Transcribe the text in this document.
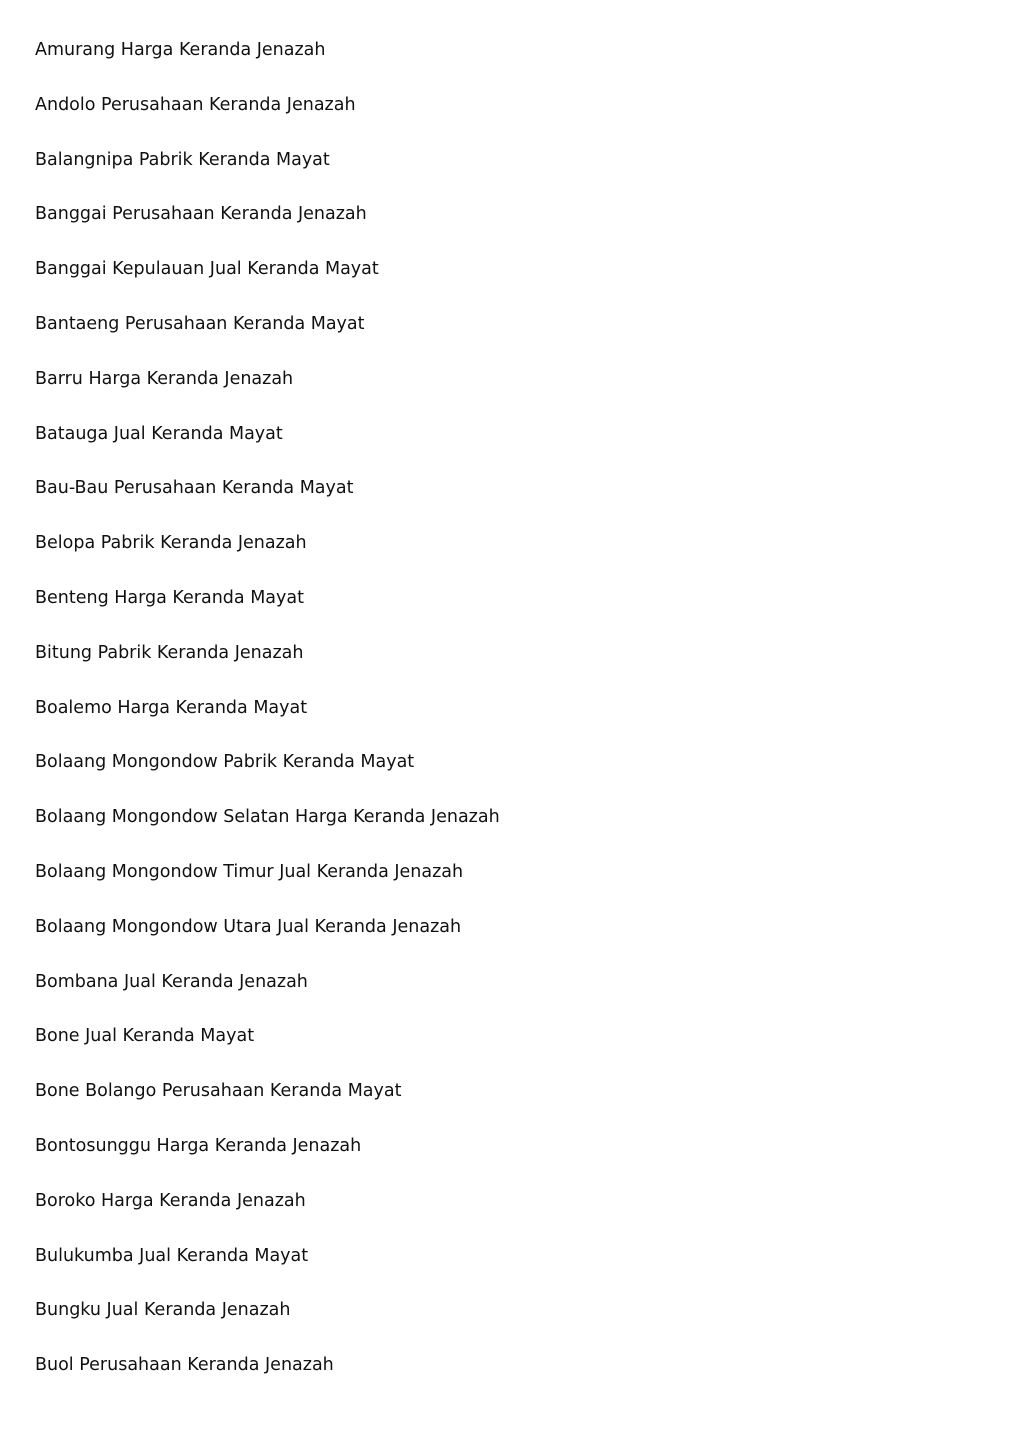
Amurang Harga Keranda Jenazah
Andolo Perusahaan Keranda Jenazah
Balangnipa Pabrik Keranda Mayat
Banggai Perusahaan Keranda Jenazah
Banggai Kepulauan Jual Keranda Mayat
Bantaeng Perusahaan Keranda Mayat
Barru Harga Keranda Jenazah
Batauga Jual Keranda Mayat
Bau-Bau Perusahaan Keranda Mayat
Belopa Pabrik Keranda Jenazah
Benteng Harga Keranda Mayat
Bitung Pabrik Keranda Jenazah
Boalemo Harga Keranda Mayat
Bolaang Mongondow Pabrik Keranda Mayat
Bolaang Mongondow Selatan Harga Keranda Jenazah
Bolaang Mongondow Timur Jual Keranda Jenazah
Bolaang Mongondow Utara Jual Keranda Jenazah
Bombana Jual Keranda Jenazah
Bone Jual Keranda Mayat
Bone Bolango Perusahaan Keranda Mayat
Bontosunggu Harga Keranda Jenazah
Boroko Harga Keranda Jenazah
Bulukumba Jual Keranda Mayat
Bungku Jual Keranda Jenazah
Buol Perusahaan Keranda Jenazah
